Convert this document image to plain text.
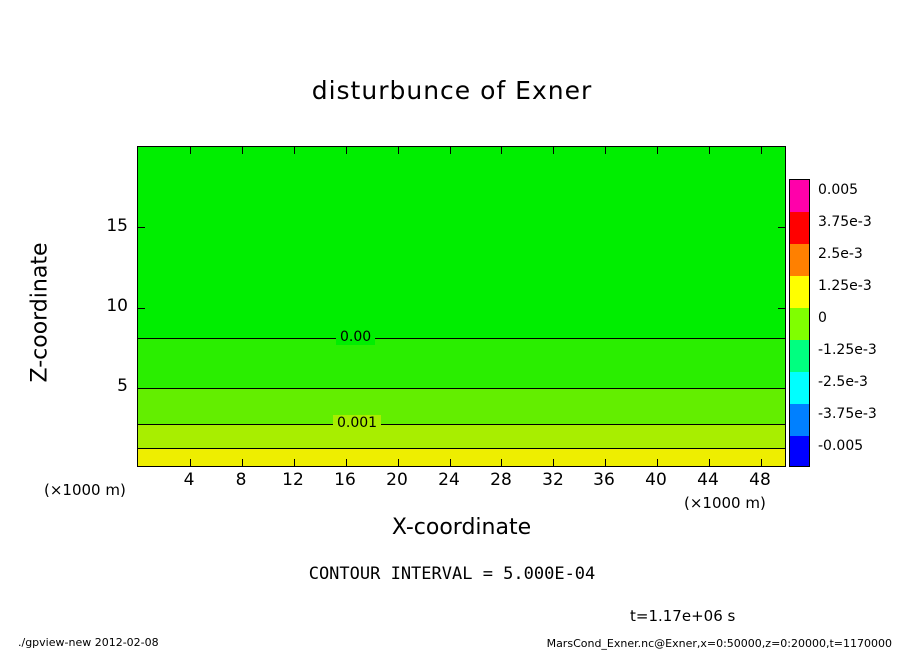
disturbunce of Exner
0.00
0.001
4	8	12	16	20	24	28	32	36	40	44	48
5
10
15
X-coordinate
Z-coordinate
(×1000 m)
(×1000 m)
CONTOUR INTERVAL = 5.000E-04
t=1.17e+06 s
0.005
3.75e-3
2.5e-3
1.25e-3
0
-1.25e-3
-2.5e-3
-3.75e-3
-0.005
./gpview-new 2012-02-08	MarsCond_Exner.nc@Exner,x=0:50000,z=0:20000,t=1170000
